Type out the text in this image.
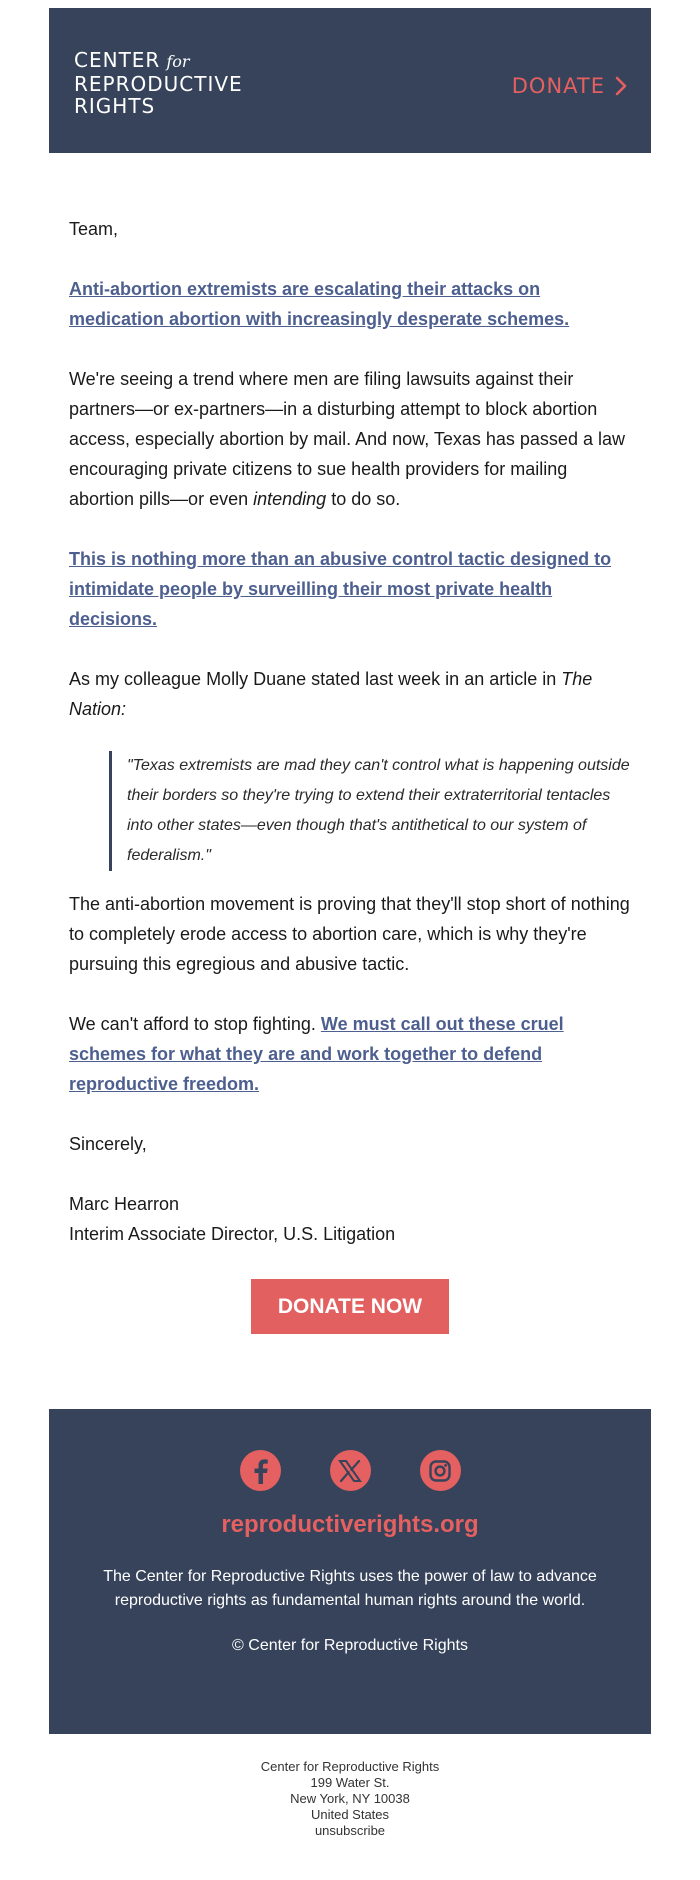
CENTER for
REPRODUCTIVE
RIGHTS
DONATE

Team,

Anti-abortion extremists are escalating their attacks on medication abortion with increasingly desperate schemes.

We're seeing a trend where men are filing lawsuits against their partners—or ex-partners—in a disturbing attempt to block abortion access, especially abortion by mail. And now, Texas has passed a law encouraging private citizens to sue health providers for mailing abortion pills—or even intending to do so.

This is nothing more than an abusive control tactic designed to intimidate people by surveilling their most private health decisions.

As my colleague Molly Duane stated last week in an article in The Nation:

"Texas extremists are mad they can't control what is happening outside their borders so they're trying to extend their extraterritorial tentacles into other states—even though that's antithetical to our system of federalism."

The anti-abortion movement is proving that they'll stop short of nothing to completely erode access to abortion care, which is why they're pursuing this egregious and abusive tactic.

We can't afford to stop fighting. We must call out these cruel schemes for what they are and work together to defend reproductive freedom.

Sincerely,

Marc Hearron

Interim Associate Director, U.S. Litigation

DONATE NOW
reproductiverights.org
The Center for Reproductive Rights uses the power of law to advance reproductive rights as fundamental human rights around the world.
© Center for Reproductive Rights
Center for Reproductive Rights
199 Water St.
New York, NY 10038
United States
unsubscribe
